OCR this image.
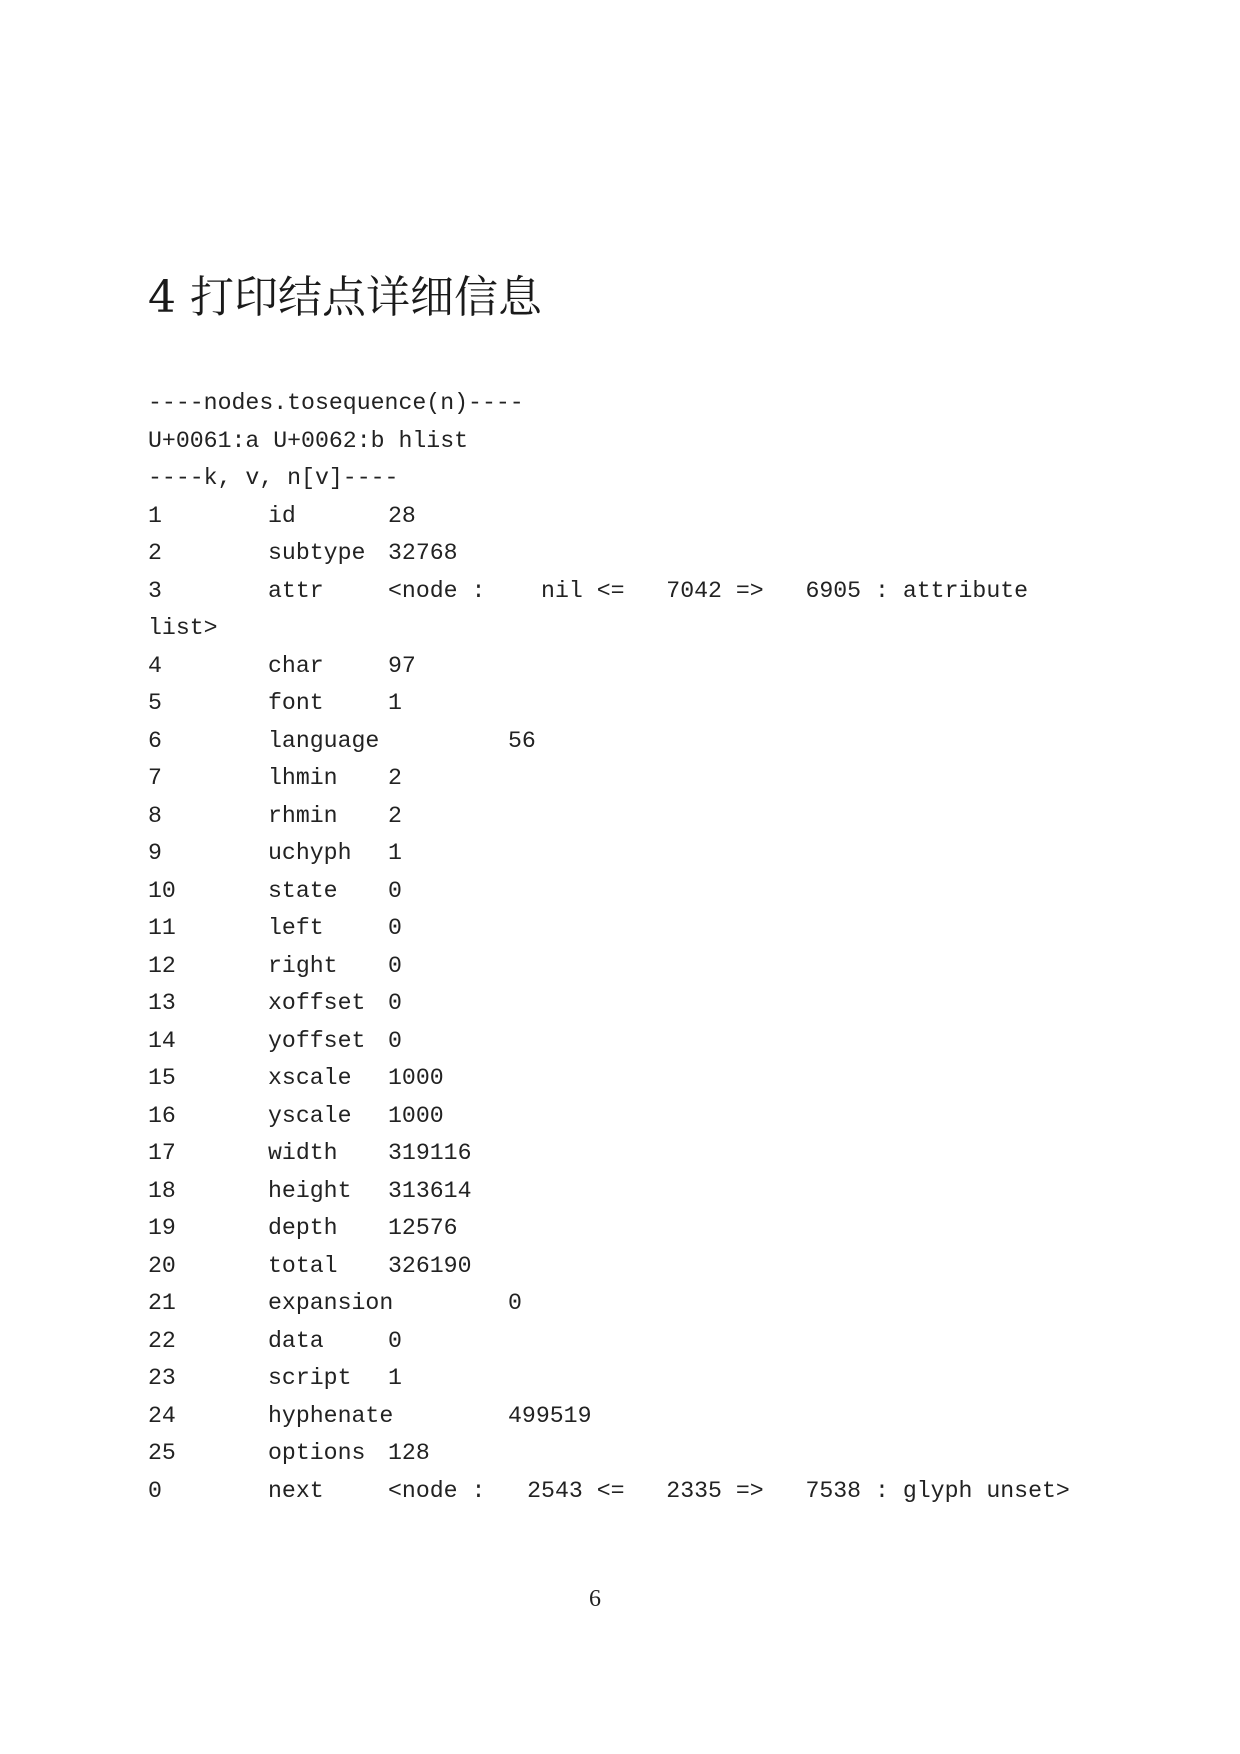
4 打印结点详细信息
----nodes.tosequence(n)----
U+0061:a U+0062:b hlist
----k, v, n[v]----
1	id	28
2	subtype 32768
3	attr	<node :    nil <=   7042 =>   6905 : attribute
list>
4	char	97
5	font	1
6	language	56
7	lhmin	2
8	rhmin	2
9	uchyph	1
10	state	0
11	left	0
12	right	0
13	xoffset 0
14	yoffset 0
15	xscale	1000
16	yscale	1000
17	width	319116
18	height	313614
19	depth	12576
20	total	326190
21	expansion	0
22	data	0
23	script	1
24	hyphenate	499519
25	options 128
0	next	<node :   2543 <=   2335 =>   7538 : glyph unset>
6
